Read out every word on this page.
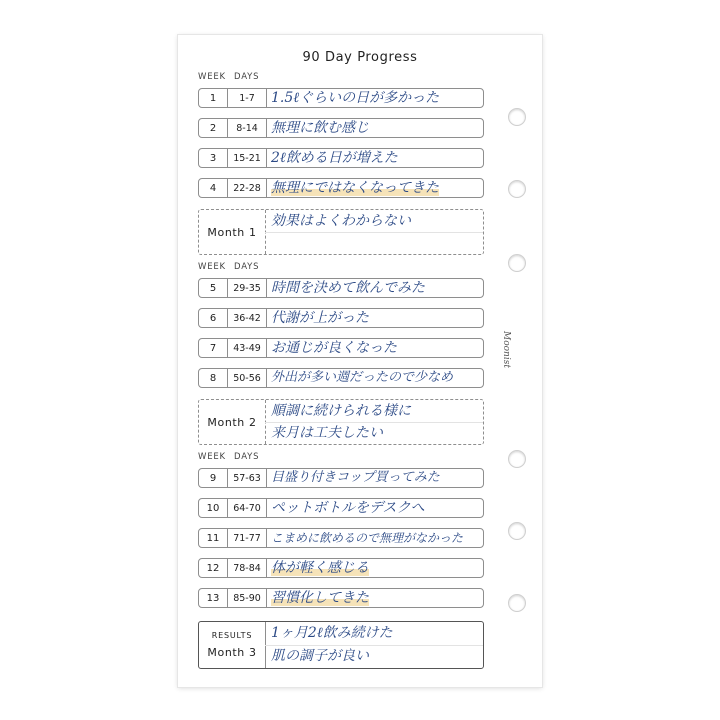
90 Day Progress
WEEK DAYS
1	1-7	1.5ℓぐらいの日が多かった
2	8-14 無理に飲む感じ
3	15-21 2ℓ飲める日が増えた
4	22-28 無理にではなくなってきた
Month 1
効果はよくわからない
WEEK DAYS
5	29-35 時間を決めて飲んでみた
6	36-42 代謝が上がった
7	43-49 お通じが良くなった
8	50-56 外出が多い週だったので少なめ
Month 2
順調に続けられる様に
来月は工夫したい
WEEK DAYS
9	57-63 目盛り付きコップ買ってみた
10	64-70 ペットボトルをデスクへ
11	71-77 こまめに飲めるので無理がなかった
12	78-84 体が軽く感じる
13	85-90 習慣化してきた
RESULTS
Month 3
1ヶ月2ℓ飲み続けた
肌の調子が良い
Moonist
